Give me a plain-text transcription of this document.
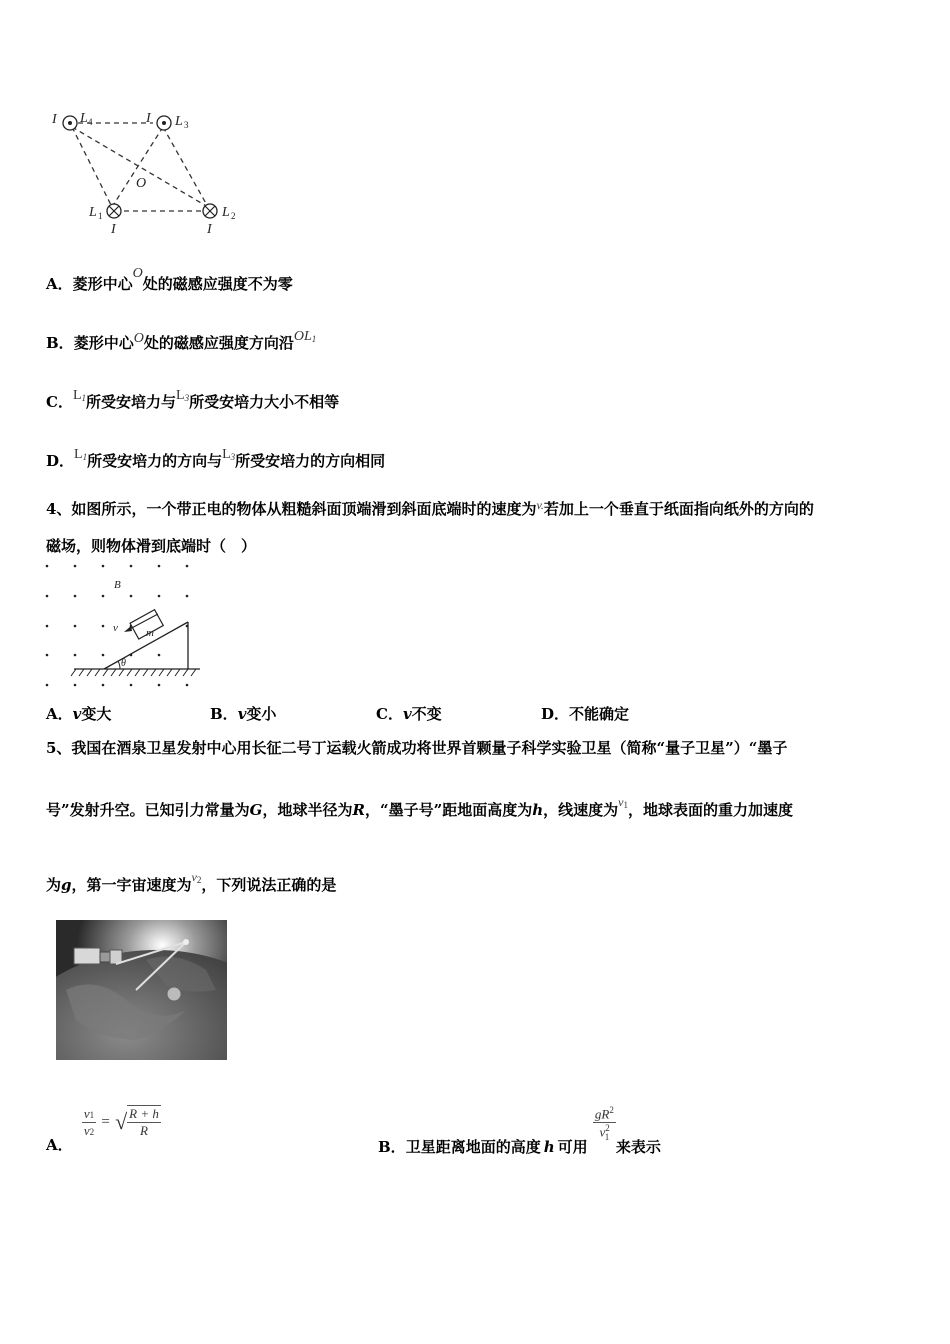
I L 4	I L 3
O
L 1
I
L 2
I
A．菱形中心O处的磁感应强度不为零
B．菱形中心O处的磁感应强度方向沿$OL^1$
C．$L^1$所受安培力与$L^3$所受安培力大小不相等
D．$L^1$所受安培力的方向与$L^3$所受安培力的方向相同
4、如图所示，一个带正电的物体从粗糙斜面顶端滑到斜面底端时的速度为$^{v.}$若加上一个垂直于纸面指向纸外的方向的
磁场，则物体滑到底端时（　）
B
v	m
θ
A．v变大	B．v变小	C．v不变	D．不能确定
5、我国在酒泉卫星发射中心用长征二号丁运载火箭成功将世界首颗量子科学实验卫星（简称“量子卫星”）“墨子
号”发射升空。已知引力常量为G，地球半径为R，“墨子号”距地面高度为h，线速度为$^{v1}$，地球表面的重力加速度
为g，第一宇宙速度为$^{v2}$，下列说法正确的是
A．
$\frac{v1}{v2}$ = √ $\frac{R + h}{R}$
B．卫星距离地面的高度 h 可用
$\frac{gR^2}{v^2_1}$
来表示
